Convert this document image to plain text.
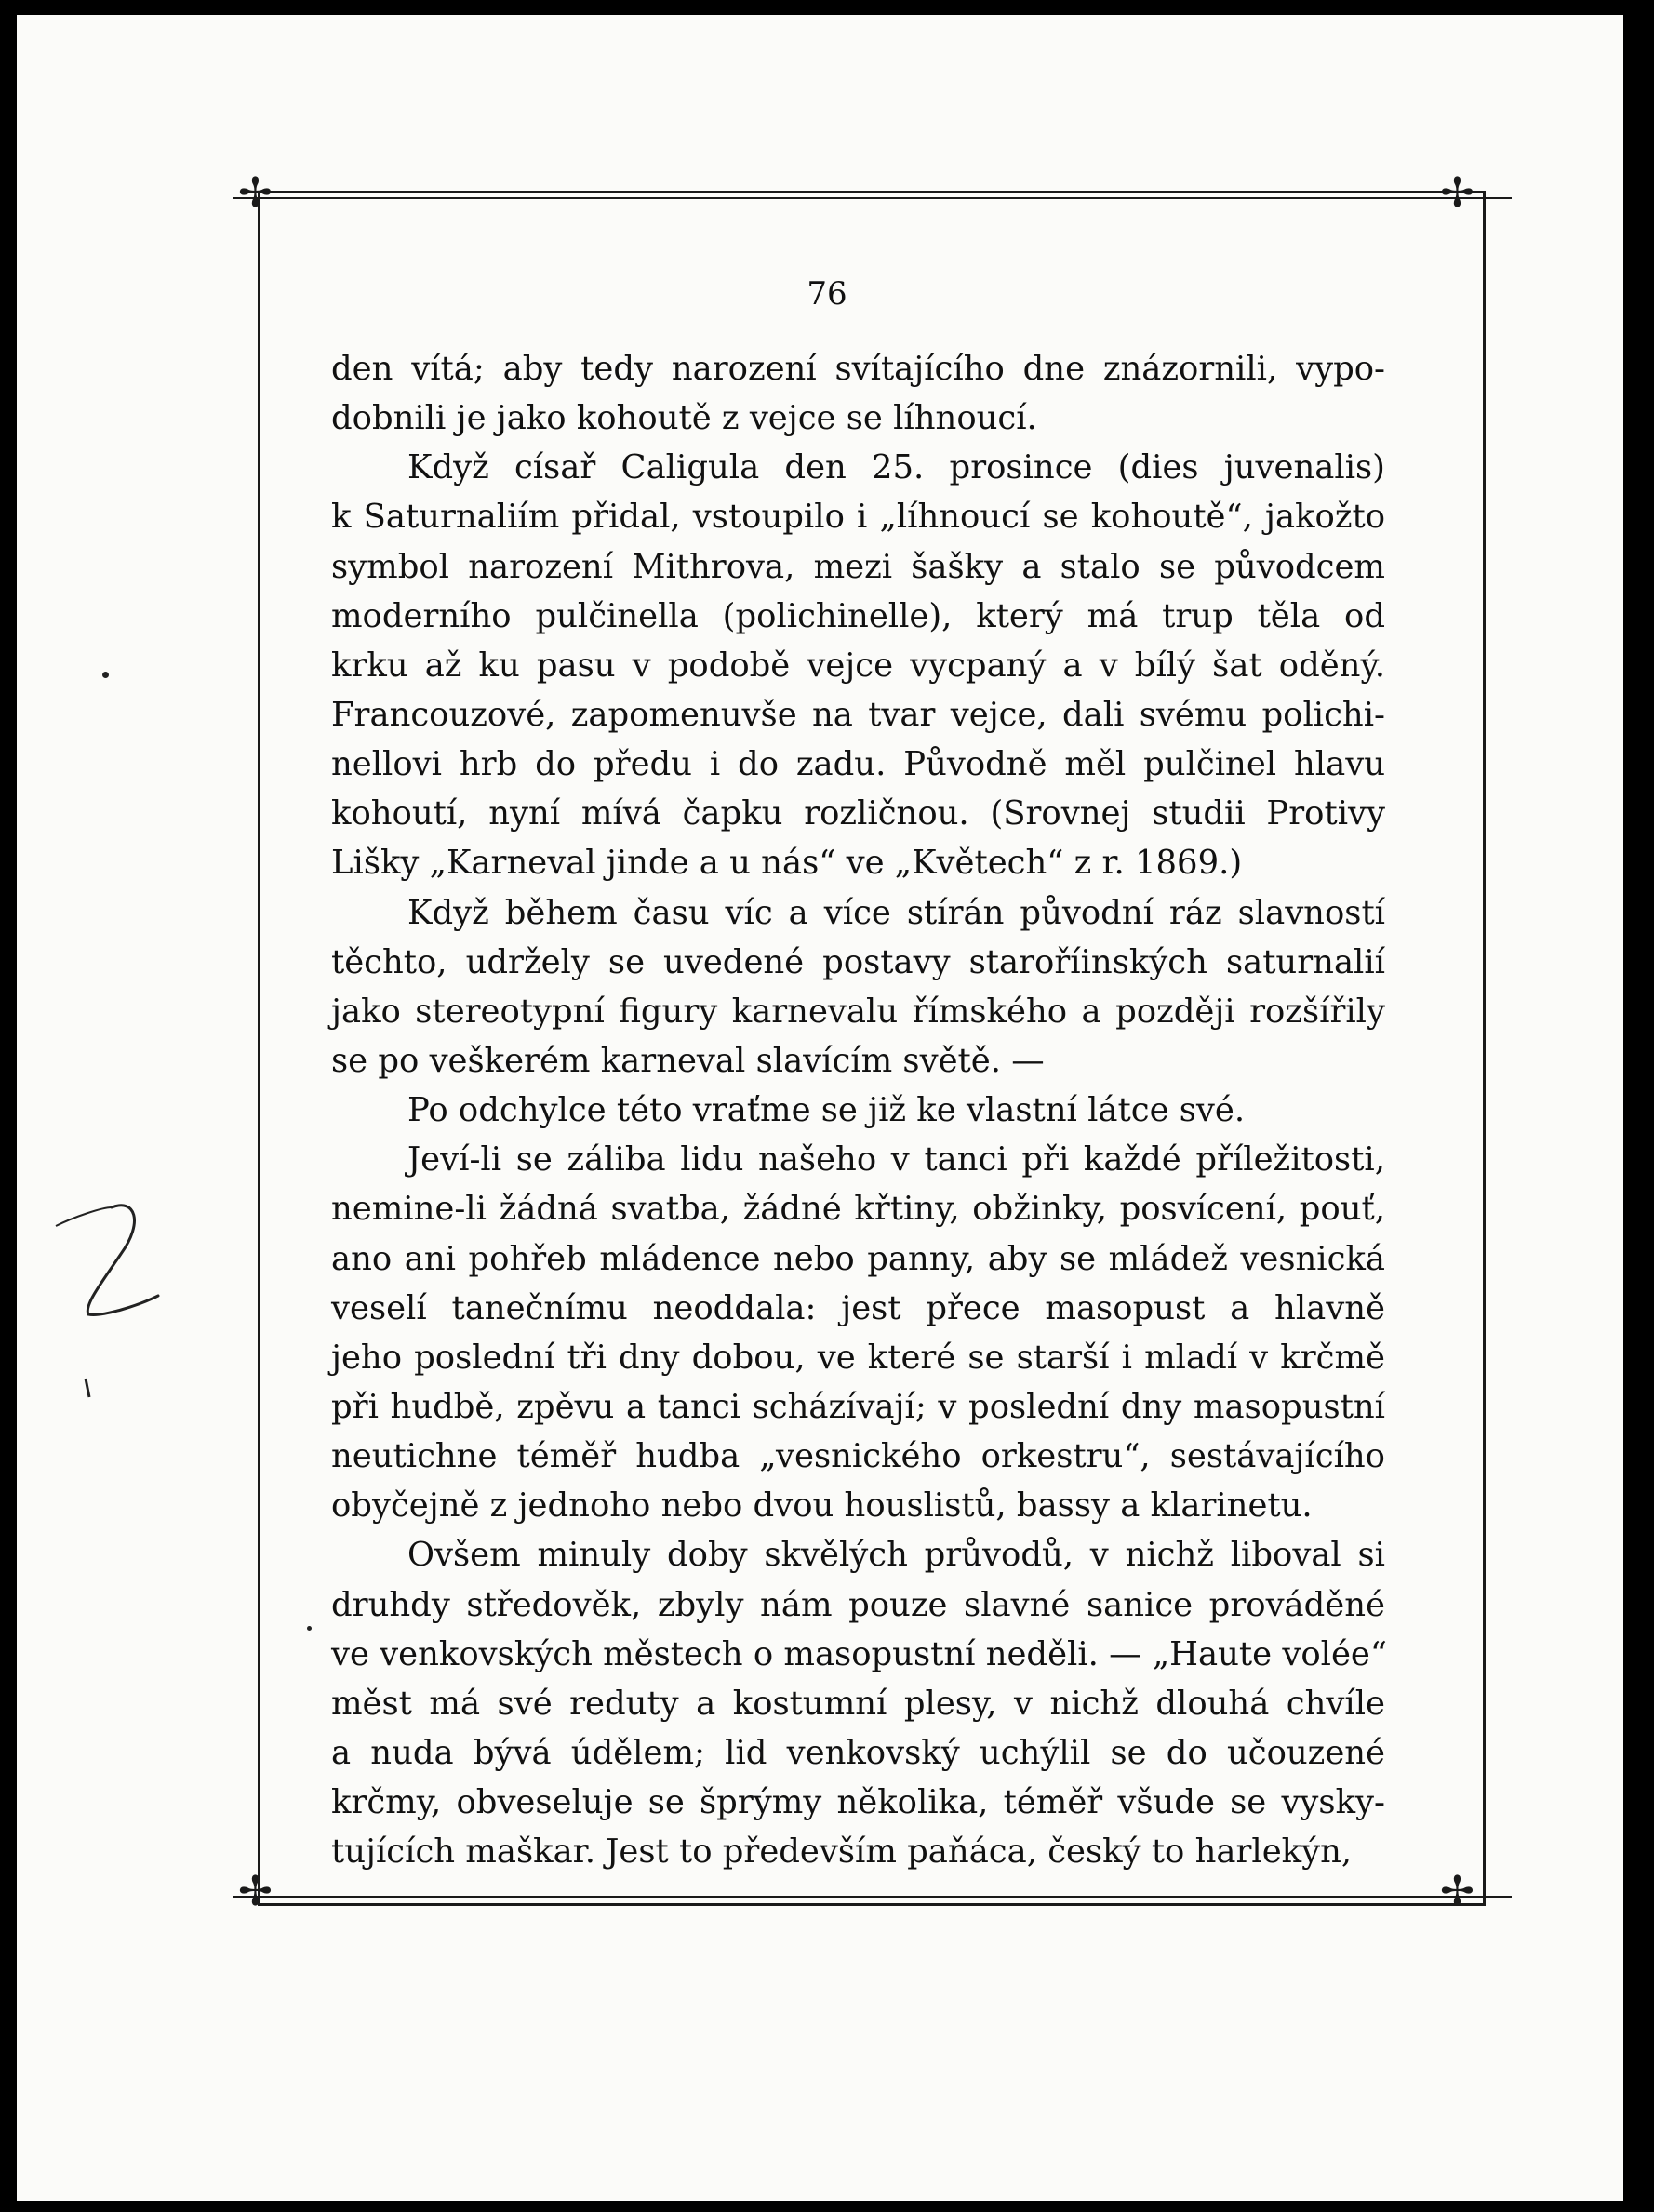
✢	✢
✢	✢
76
den vítá; aby tedy narození svítajícího dne znázornili, vypo-
dobnili je jako kohoutě z vejce se líhnoucí.
Když císař Caligula den 25. prosince (dies juvenalis)
k Saturnaliím přidal, vstoupilo i „líhnoucí se kohoutě“, jakožto
symbol narození Mithrova, mezi šašky a stalo se původcem
moderního pulčinella (polichinelle), který má trup těla od
krku až ku pasu v podobě vejce vycpaný a v bílý šat oděný.
Francouzové, zapomenuvše na tvar vejce, dali svému polichi-
nellovi hrb do předu i do zadu. Původně měl pulčinel hlavu
kohoutí, nyní mívá čapku rozličnou. (Srovnej studii Protivy
Lišky „Karneval jinde a u nás“ ve „Květech“ z r. 1869.)
Když během času víc a více stírán původní ráz slavností
těchto, udržely se uvedené postavy staroříinských saturnalií
jako stereotypní figury karnevalu římského a později rozšířily
se po veškerém karneval slavícím světě. —
Po odchylce této vraťme se již ke vlastní látce své.
Jeví-li se záliba lidu našeho v tanci při každé příležitosti,
nemine-li žádná svatba, žádné křtiny, obžinky, posvícení, pouť,
ano ani pohřeb mládence nebo panny, aby se mládež vesnická
veselí tanečnímu neoddala: jest přece masopust a hlavně
jeho poslední tři dny dobou, ve které se starší i mladí v krčmě
při hudbě, zpěvu a tanci scházívají; v poslední dny masopustní
neutichne téměř hudba „vesnického orkestru“, sestávajícího
obyčejně z jednoho nebo dvou houslistů, bassy a klarinetu.
Ovšem minuly doby skvělých průvodů, v nichž liboval si
druhdy středověk, zbyly nám pouze slavné sanice prováděné
ve venkovských městech o masopustní neděli. — „Haute volée“
měst má své reduty a kostumní plesy, v nichž dlouhá chvíle
a nuda bývá údělem; lid venkovský uchýlil se do učouzené
krčmy, obveseluje se šprýmy několika, téměř všude se vysky-
tujících maškar. Jest to především paňáca, český to harlekýn,
